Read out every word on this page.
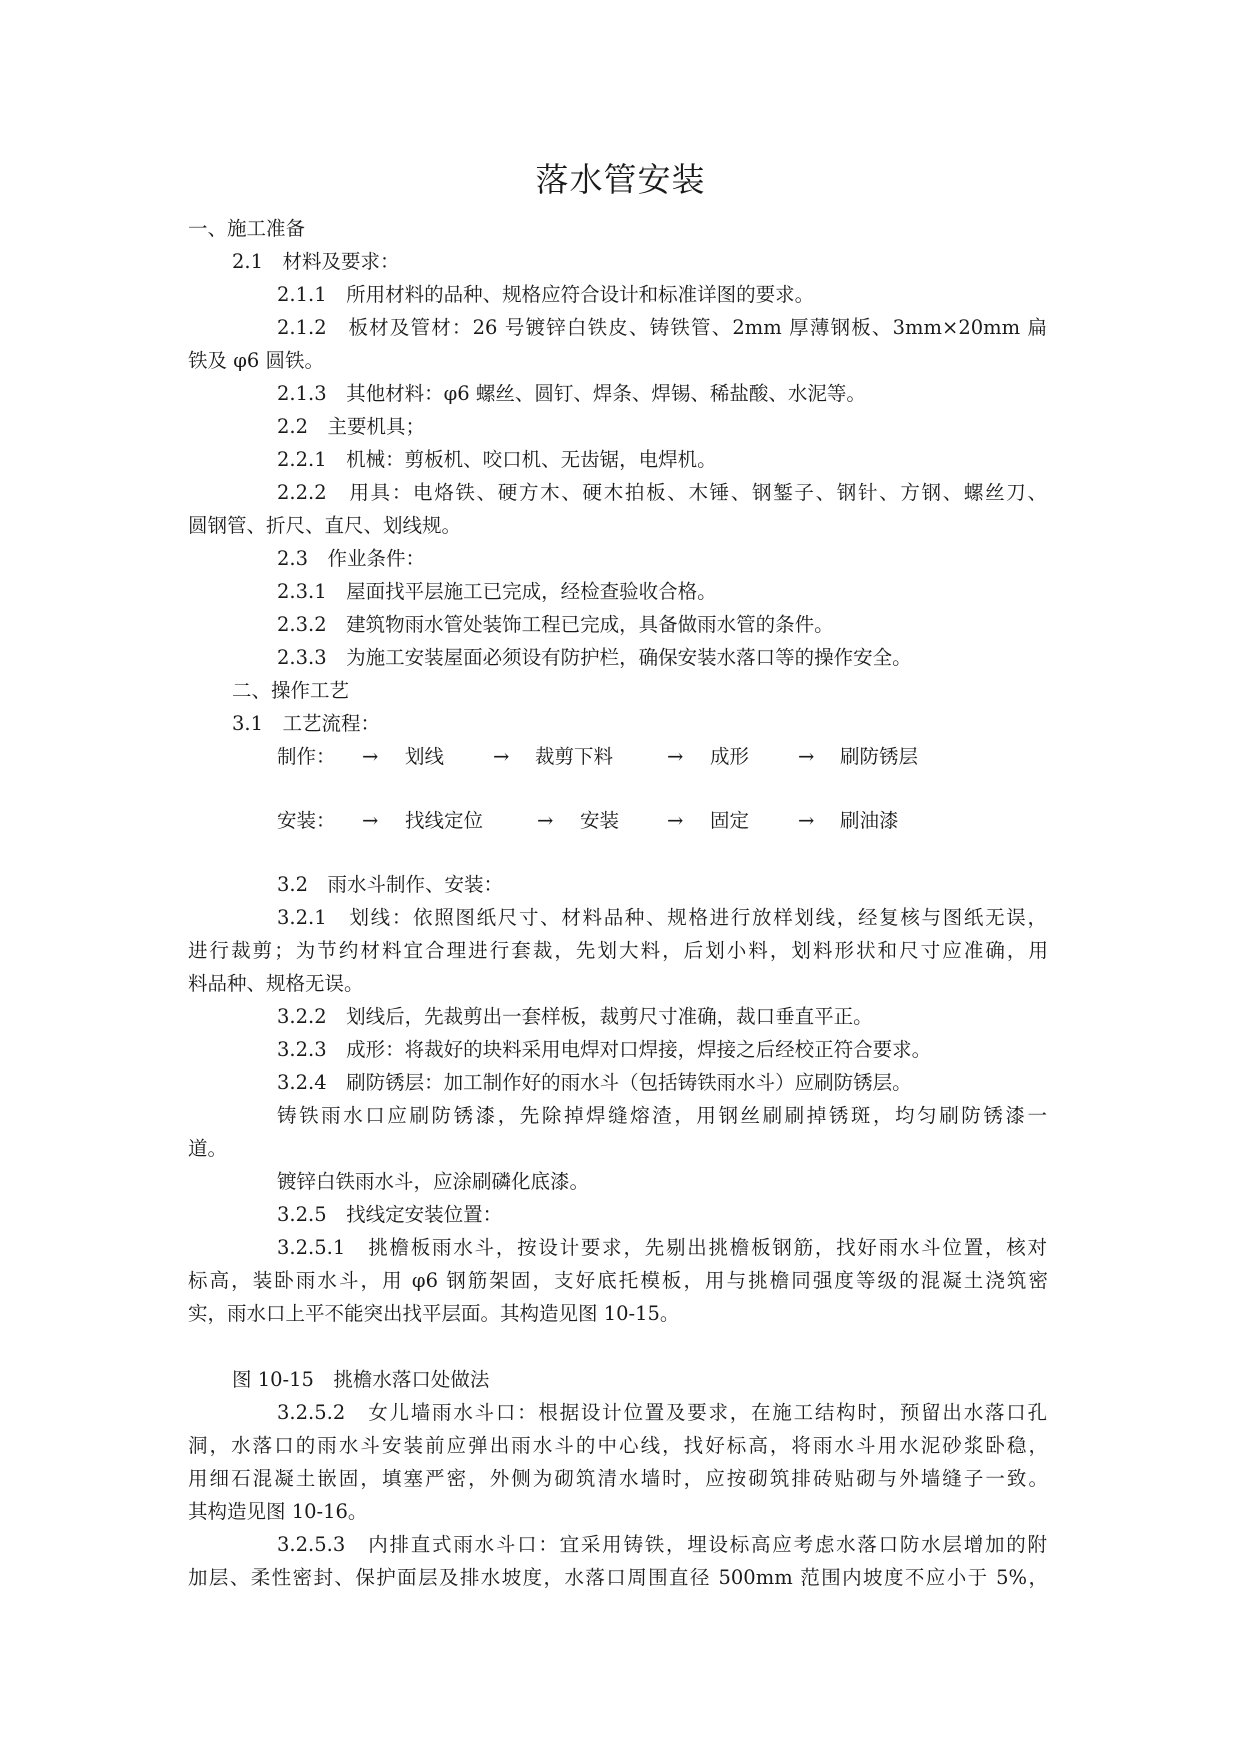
落水管安装
一、施工准备
2.1　材料及要求：
2.1.1　所用材料的品种、规格应符合设计和标准详图的要求。
2.1.2　板材及管材：26 号镀锌白铁皮、铸铁管、2mm 厚薄钢板、3mm×20mm 扁
铁及 φ6 圆铁。
2.1.3　其他材料：φ6 螺丝、圆钉、焊条、焊锡、稀盐酸、水泥等。
2.2　主要机具；
2.2.1　机械：剪板机、咬口机、无齿锯，电焊机。
2.2.2　用具：电烙铁、硬方木、硬木拍板、木锤、钢錾子、钢针、方钢、螺丝刀、
圆钢管、折尺、直尺、划线规。
2.3　作业条件：
2.3.1　屋面找平层施工已完成，经检查验收合格。
2.3.2　建筑物雨水管处装饰工程已完成，具备做雨水管的条件。
2.3.3　为施工安装屋面必须设有防护栏，确保安装水落口等的操作安全。
二、操作工艺
3.1　工艺流程：
制作： → 划线	→ 裁剪下料	→ 成形	→ 刷防锈层
安装： → 找线定位	→ 安装 → 固定	→ 刷油漆
3.2　雨水斗制作、安装：
3.2.1　划线：依照图纸尺寸、材料品种、规格进行放样划线，经复核与图纸无误，
进行裁剪；为节约材料宜合理进行套裁，先划大料，后划小料，划料形状和尺寸应准确，用
料品种、规格无误。
3.2.2　划线后，先裁剪出一套样板，裁剪尺寸准确，裁口垂直平正。
3.2.3　成形：将裁好的块料采用电焊对口焊接，焊接之后经校正符合要求。
3.2.4　刷防锈层：加工制作好的雨水斗（包括铸铁雨水斗）应刷防锈层。
铸铁雨水口应刷防锈漆，先除掉焊缝熔渣，用钢丝刷刷掉锈斑，均匀刷防锈漆一
道。
镀锌白铁雨水斗，应涂刷磷化底漆。
3.2.5　找线定安装位置：
3.2.5.1　挑檐板雨水斗，按设计要求，先剔出挑檐板钢筋，找好雨水斗位置，核对
标高，装卧雨水斗，用 φ6 钢筋架固，支好底托模板，用与挑檐同强度等级的混凝土浇筑密
实，雨水口上平不能突出找平层面。其构造见图 10-15。
图 10-15　挑檐水落口处做法
3.2.5.2　女儿墙雨水斗口：根据设计位置及要求，在施工结构时，预留出水落口孔
洞，水落口的雨水斗安装前应弹出雨水斗的中心线，找好标高，将雨水斗用水泥砂浆卧稳，
用细石混凝土嵌固，填塞严密，外侧为砌筑清水墙时，应按砌筑排砖贴砌与外墙缝子一致。
其构造见图 10-16。
3.2.5.3　内排直式雨水斗口：宜采用铸铁，埋设标高应考虑水落口防水层增加的附
加层、柔性密封、保护面层及排水坡度，水落口周围直径 500mm 范围内坡度不应小于 5%，
